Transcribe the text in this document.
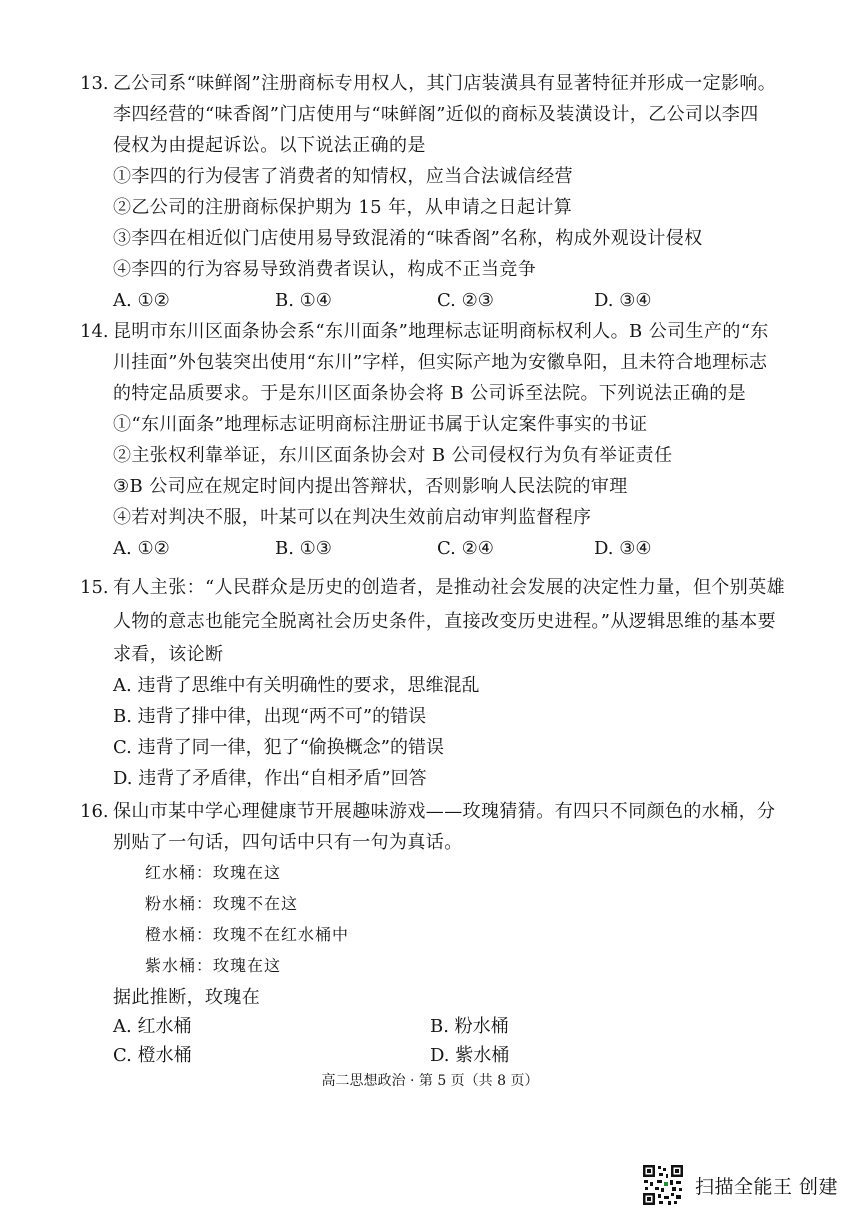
13. 乙公司系“味鲜阁”注册商标专用权人，其门店装潢具有显著特征并形成一定影响。
李四经营的“味香阁”门店使用与“味鲜阁”近似的商标及装潢设计，乙公司以李四
侵权为由提起诉讼。以下说法正确的是
①李四的行为侵害了消费者的知情权，应当合法诚信经营
②乙公司的注册商标保护期为 15 年，从申请之日起计算
③李四在相近似门店使用易导致混淆的“味香阁”名称，构成外观设计侵权
④李四的行为容易导致消费者误认，构成不正当竞争
A. ①②	B. ①④	C. ②③	D. ③④
14. 昆明市东川区面条协会系“东川面条”地理标志证明商标权利人。B 公司生产的“东
川挂面”外包装突出使用“东川”字样，但实际产地为安徽阜阳，且未符合地理标志
的特定品质要求。于是东川区面条协会将 B 公司诉至法院。下列说法正确的是
①“东川面条”地理标志证明商标注册证书属于认定案件事实的书证
②主张权利靠举证，东川区面条协会对 B 公司侵权行为负有举证责任
③B 公司应在规定时间内提出答辩状，否则影响人民法院的审理
④若对判决不服，叶某可以在判决生效前启动审判监督程序
A. ①②	B. ①③	C. ②④	D. ③④
15. 有人主张：“人民群众是历史的创造者，是推动社会发展的决定性力量，但个别英雄
人物的意志也能完全脱离社会历史条件，直接改变历史进程。”从逻辑思维的基本要
求看，该论断
A. 违背了思维中有关明确性的要求，思维混乱
B. 违背了排中律，出现“两不可”的错误
C. 违背了同一律，犯了“偷换概念”的错误
D. 违背了矛盾律，作出“自相矛盾”回答
16. 保山市某中学心理健康节开展趣味游戏——玫瑰猜猜。有四只不同颜色的水桶，分
别贴了一句话，四句话中只有一句为真话。
红水桶：玫瑰在这
粉水桶：玫瑰不在这
橙水桶：玫瑰不在红水桶中
紫水桶：玫瑰在这
据此推断，玫瑰在
A. 红水桶	B. 粉水桶
C. 橙水桶	D. 紫水桶
高二思想政治 · 第 5 页（共 8 页）
扫描全能王 创建
